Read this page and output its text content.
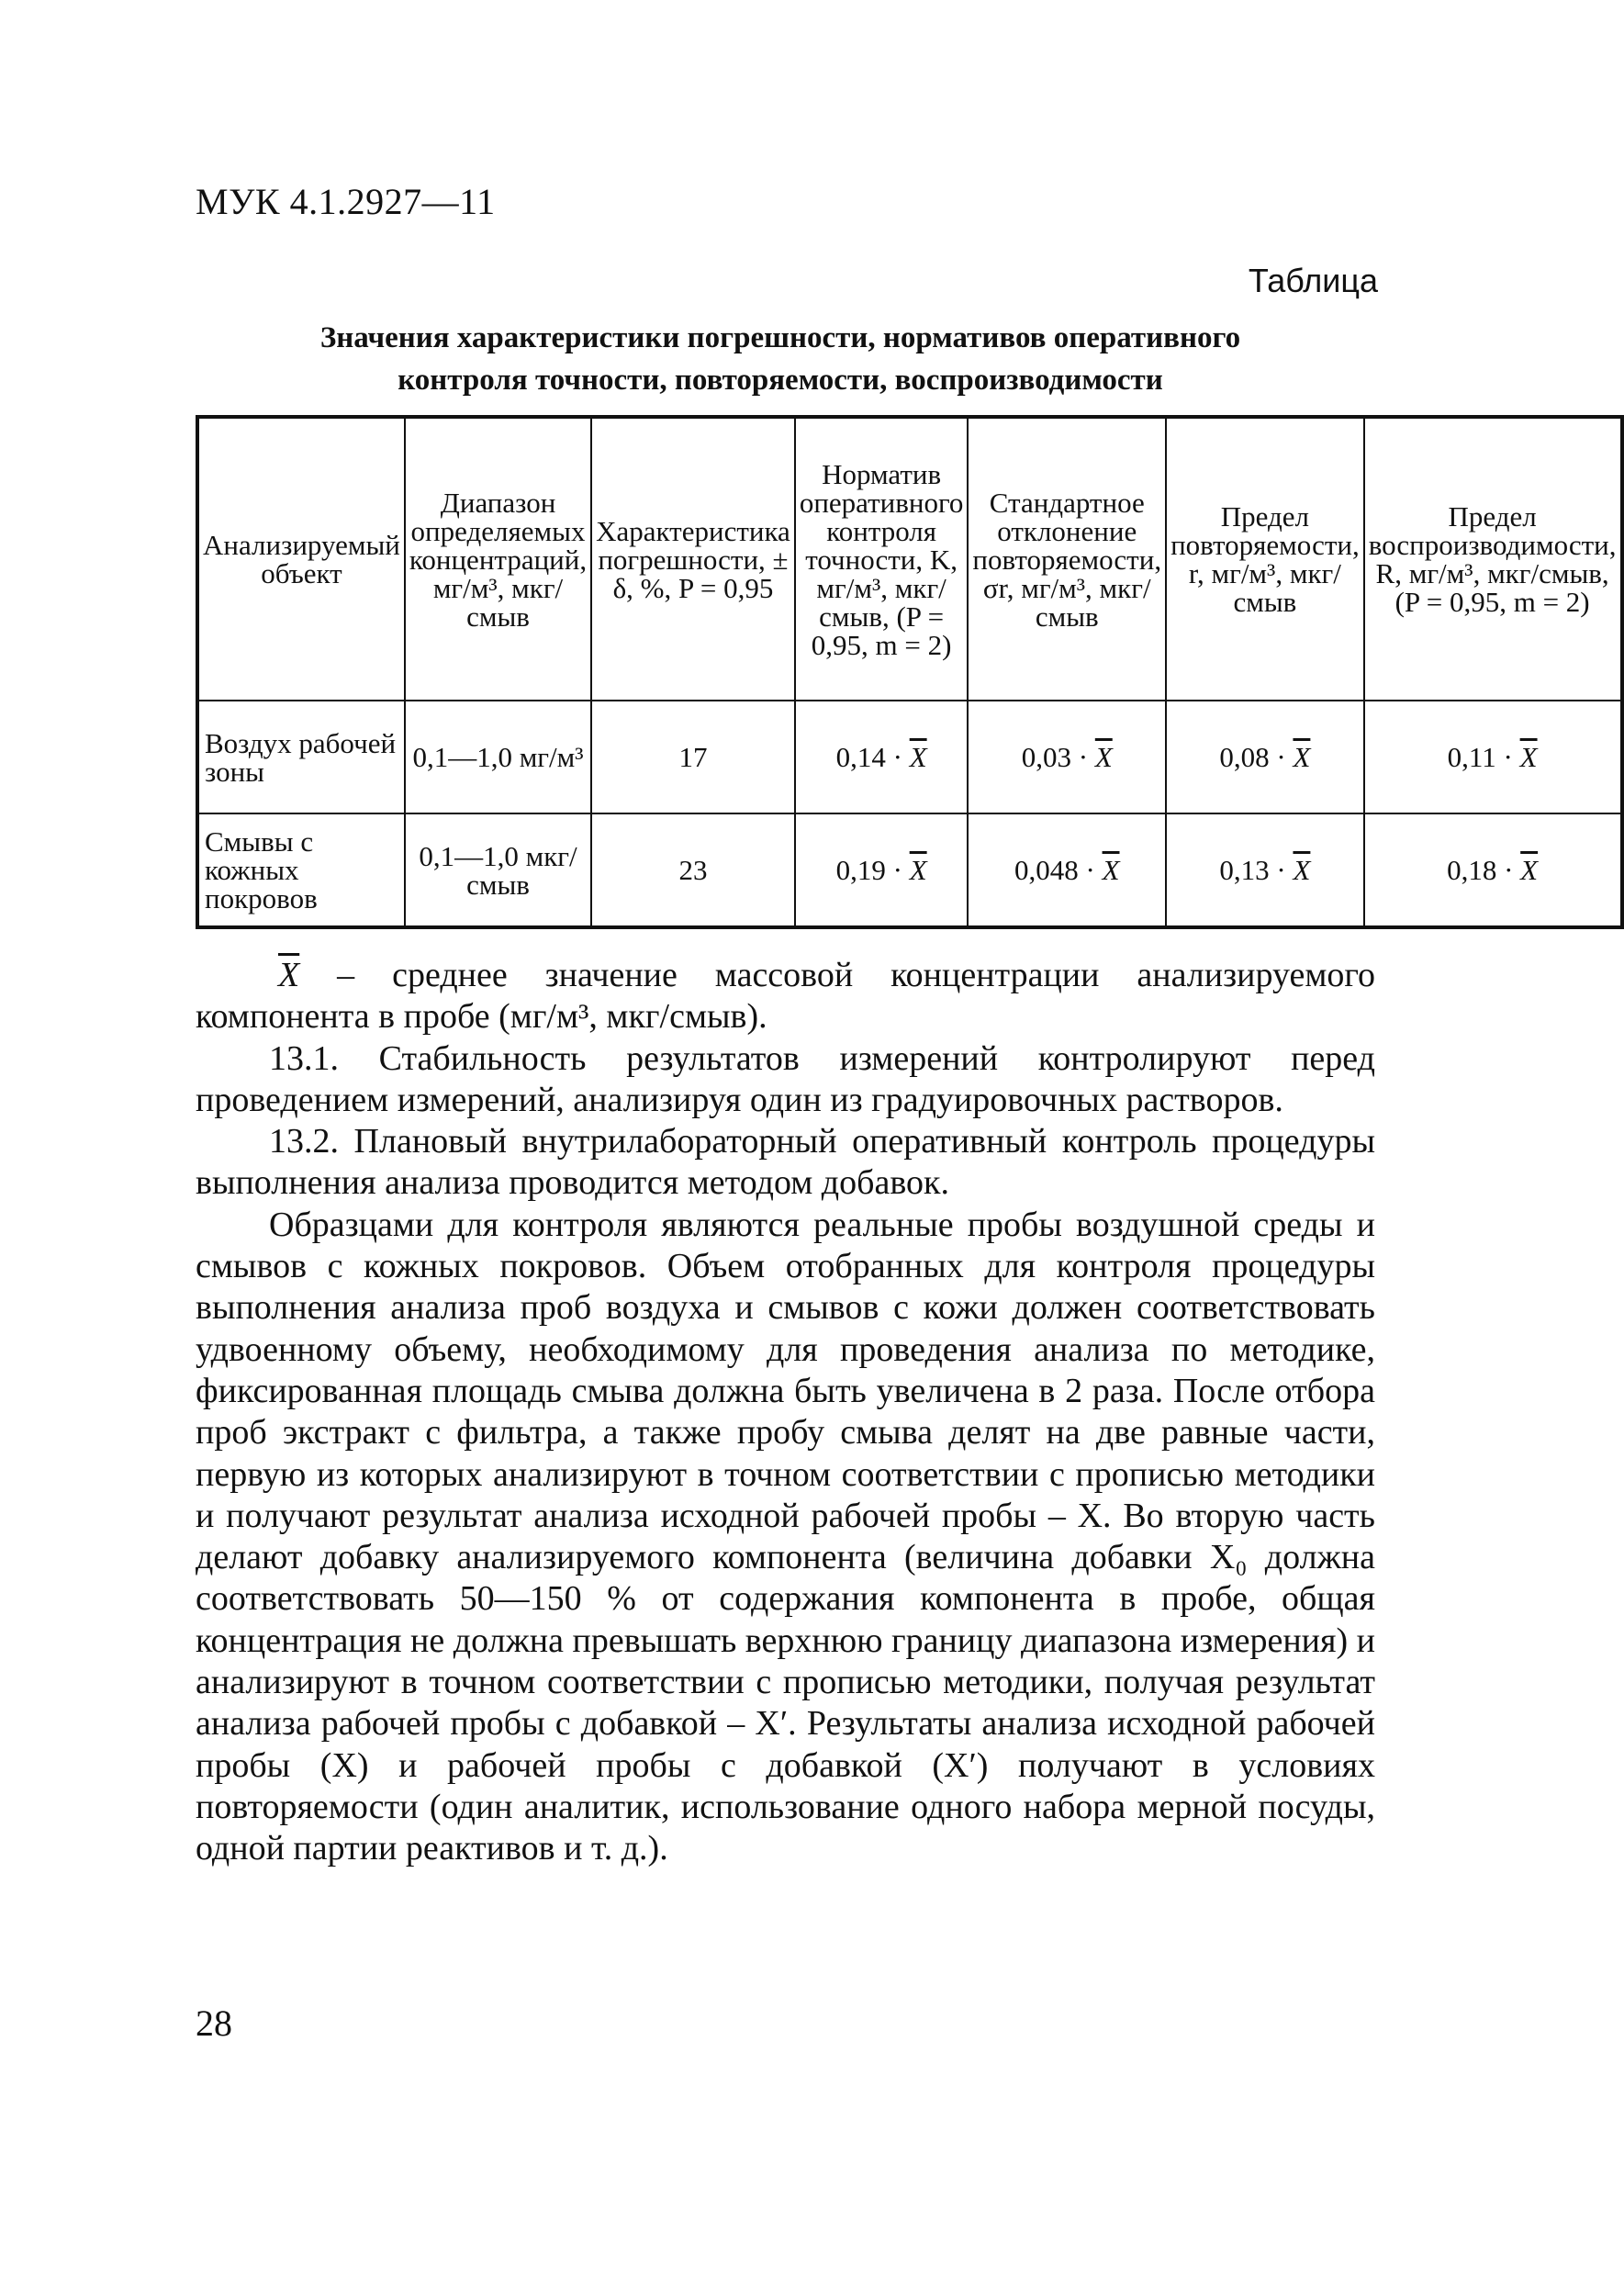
МУК 4.1.2927—11
Таблица
Значения характеристики погрешности, нормативов оперативного
контроля точности, повторяемости, воспроизводимости
Анализируемый объект	Диапазон определяемых концентраций, мг/м³, мкг/смыв	Характеристика погрешности, ± δ, %, P = 0,95	Норматив оперативного контроля точности, K, мг/м³, мкг/смыв, (P = 0,95, m = 2)	Стандартное отклонение повторяемости, σr, мг/м³, мкг/смыв	Предел повторяемости, r, мг/м³, мкг/смыв	Предел воспроизводимости, R, мг/м³, мкг/смыв, (P = 0,95, m = 2)
Воздух рабочей зоны	0,1—1,0 мг/м³	17	$0,14 \cdot \overline{X}$	$0,03 \cdot \overline{X}$	$0,08 \cdot \overline{X}$	$0,11 \cdot \overline{X}$
Смывы с кожных покровов	0,1—1,0 мкг/смыв	23	$0,19 \cdot \overline{X}$	$0,048 \cdot \overline{X}$	$0,13 \cdot \overline{X}$	$0,18 \cdot \overline{X}$

$\overline{X}$ – среднее значение массовой концентрации анализируемого компонента в пробе (мг/м³, мкг/смыв).

13.1. Стабильность результатов измерений контролируют перед проведением измерений, анализируя один из градуировочных растворов.

13.2. Плановый внутрилабораторный оперативный контроль процедуры выполнения анализа проводится методом добавок.

Образцами для контроля являются реальные пробы воздушной среды и смывов с кожных покровов. Объем отобранных для контроля процедуры выполнения анализа проб воздуха и смывов с кожи должен соответствовать удвоенному объему, необходимому для проведения анализа по методике, фиксированная площадь смыва должна быть увеличена в 2 раза. После отбора проб экстракт с фильтра, а также пробу смыва делят на две равные части, первую из которых анализируют в точном соответствии с прописью методики и получают результат анализа исходной рабочей пробы – X. Во вторую часть делают добавку анализируемого компонента (величина добавки X₀ должна соответствовать 50—150 % от содержания компонента в пробе, общая концентрация не должна превышать верхнюю границу диапазона измерения) и анализируют в точном соответствии с прописью методики, получая результат анализа рабочей пробы с добавкой – X′. Результаты анализа исходной рабочей пробы (X) и рабочей пробы с добавкой (X′) получают в условиях повторяемости (один аналитик, использование одного набора мерной посуды, одной партии реактивов и т. д.).

28
